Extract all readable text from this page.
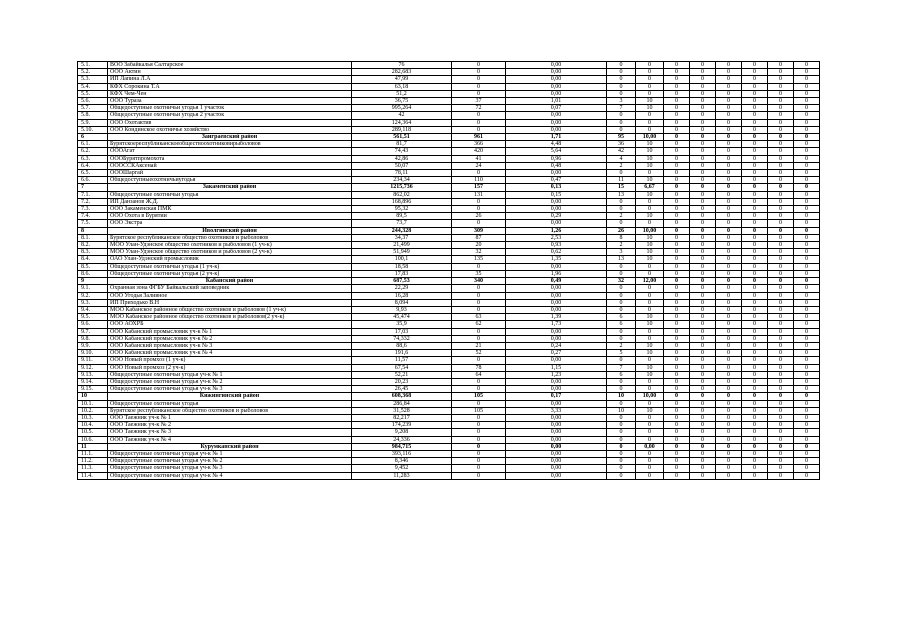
5.1.	ВОО Забайкалья Салтарское	76	0	0,00	0	0	0	0	0	0	0	0
5.2.	ООО Актин	282,683	0	0,00	0	0	0	0	0	0	0	0
5.3.	ИП Лапина Л.А	47,99	0	0,00	0	0	0	0	0	0	0	0
5.4.	КФХ Сорокина Т.А	63,18	0	0,00	0	0	0	0	0	0	0	0
5.5.	КФХ Чем-Чен	51,2	0	0,00	0	0	0	0	0	0	0	0
5.6.	ООО Тураза	36,75	37	1,01	3	10	0	0	0	0	0	0
5.7.	Общедоступные охотничьи угодья 1 участок	995,264	72	0,07	7	10	0	0	0	0	0	0
5.8.	Общедоступные охотничьи угодья 2 участок	42	0	0,00	0	0	0	0	0	0	0	0
5.9.	ООО Охотактив	124,364	0	0,00	0	0	0	0	0	0	0	0
5.10.	ООО Кондинское охотничье хозяйство	289,118	0	0,00	0	0	0	0	0	0	0	0
6	Заиграевский район	561,51	961	1,71	95	10,00	0	0	0	0	0	0
6.1.	Бурятскоереспубликанскоеобществоохотниковирыболовов	81,7	366	4,48	36	10	0	0	0	0	0	0
6.2.	ОООАгат	74,43	420	5,64	42	10	0	0	0	0	0	0
6.3.	ОООБурятпромохота	42,86	41	0,96	4	10	0	0	0	0	0	0
6.4.	ОООССКАксенай	50,07	24	0,48	2	10	0	0	0	0	0	0
6.5.	ОООШаргай	78,11	0	0,00	0	0	0	0	0	0	0	0
6.6.	Общедоступныеохотничьиугодья	234,34	110	0,47	11	10	0	0	0	0	0	0
7	Закаменский район	1215,736	157	0,13	15	6,67	0	0	0	0	0	0
7.1.	Общедоступные охотничьи угодья	862,02	131	0,15	13	10	0	0	0	0	0	0
7.2.	ИП Данзанов Ж.Д.	168,896	0	0,00	0	0	0	0	0	0	0	0
7.3.	ООО Закаменская ПМК	95,32	0	0,00	0	0	0	0	0	0	0	0
7.4.	ООО Охота в Бурятии	89,5	26	0,29	2	10	0	0	0	0	0	0
7.5.	ООО Экстра	73,7	0	0,00	0	0	0	0	0	0	0	0
8	Иволгинский район	244,328	309	1,26	26	10,00	0	0	0	0	0	0
8.1.	Бурятское республиканское общество охотников и рыболовов	34,37	87	2,53	8	10	0	0	0	0	0	0
8.2.	МОО Улан-Удэнское общество охотников и рыболовов (1 уч-к)	21,499	20	0,93	2	10	0	0	0	0	0	0
8.3.	МОО Улан-Удэнское общество охотников и рыболовов (2 уч-к)	51,949	32	0,62	3	10	0	0	0	0	0	0
8.4.	ОАО Улан-Удэнский промысловик	100,1	135	1,35	13	10	0	0	0	0	0	0
8.5.	Общедоступные охотничьи угодья (1 уч-к)	18,58	0	0,00	0	0	0	0	0	0	0	0
8.6.	Общедоступные охотничьи угодья (2 уч-к)	17,83	35	1,96	0	0	0	0	0	0	0	0
9	Кабанский район	687,53	340	0,49	32	12,00	0	0	0	0	0	0
9.1.	Охранная зона ФГБУ Байкальский заповедник	22,29	0	0,00	0	0	0	0	0	0	0	0
9.2.	ООО Угодья Заливное	16,28	0	0,00	0	0	0	0	0	0	0	0
9.3.	ИП Приходько В.Н	8,094	0	0,00	0	0	0	0	0	0	0	0
9.4.	МОО Кабанское районное общество охотников и рыболовов (1 уч-к)	9,93	0	0,00	0	0	0	0	0	0	0	0
9.5.	МОО Кабанское районное общество охотников и рыболовов(2 уч-к)	45,474	63	1,39	6	10	0	0	0	0	0	0
9.6.	ООО АОХРБ	35,9	62	1,73	6	10	0	0	0	0	0	0
9.7.	ООО Кабанский промысловик уч-к № 1	17,03	0	0,00	0	0	0	0	0	0	0	0
9.8.	ООО Кабанский промысловик уч-к № 2	74,332	0	0,00	0	0	0	0	0	0	0	0
9.9.	ООО Кабанский промысловик уч-к № 3	88,6	21	0,24	2	10	0	0	0	0	0	0
9.10.	ООО Кабанский промысловик уч-к № 4	191,6	52	0,27	5	10	0	0	0	0	0	0
9.11.	ООО Новый промхоз (1 уч-к)	11,57	0	0,00	0	0	0	0	0	0	0	0
9.12.	ООО Новый промхоз (2 уч-к)	67,54	78	1,15	7	10	0	0	0	0	0	0
9.13.	Общедоступные охотничьи угодья уч-к № 1	52,21	64	1,23	6	10	0	0	0	0	0	0
9.14.	Общедоступные охотничьи угодья уч-к № 2	20,23	0	0,00	0	0	0	0	0	0	0	0
9.15.	Общедоступные охотничьи угодья уч-к № 3	26,45	0	0,00	0	0	0	0	0	0	0	0
10	Кижингинский район	608,368	105	0,17	10	10,00	0	0	0	0	0	0
10.1.	Общедоступные охотничьи угодья	286,84	0	0,00	0	0	0	0	0	0	0	0
10.2.	Бурятское республиканское общество охотников и рыболовов	31,528	105	3,33	10	10	0	0	0	0	0	0
10.3.	ООО Таежник уч-к № 1	82,217	0	0,00	0	0	0	0	0	0	0	0
10.4.	ООО Таежник уч-к № 2	174,239	0	0,00	0	0	0	0	0	0	0	0
10.5.	ООО Таежник уч-к № 3	9,208	0	0,00	0	0	0	0	0	0	0	0
10.6.	ООО Таежник уч-к № 4	24,336	0	0,00	0	0	0	0	0	0	0	0
11	Курумканский район	984,715	0	0,00	0	0,00	0	0	0	0	0	0
11.1.	Общедоступные охотничьи угодья уч-к № 1	393,116	0	0,00	0	0	0	0	0	0	0	0
11.2.	Общедоступные охотничьи угодья уч-к № 2	8,346	0	0,00	0	0	0	0	0	0	0	0
11.3.	Общедоступные охотничьи угодья уч-к № 3	9,452	0	0,00	0	0	0	0	0	0	0	0
11.4.	Общедоступные охотничьи угодья уч-к № 4	11,283	0	0,00	0	0	0	0	0	0	0	0
